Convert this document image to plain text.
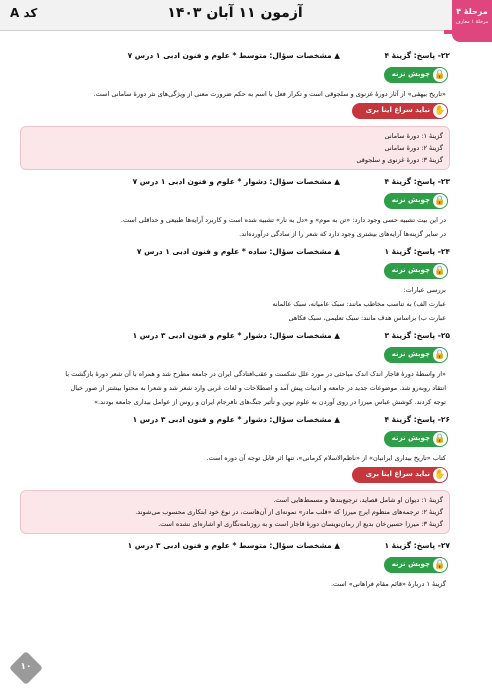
آزمون ۱۱ آبان ۱۴۰۳
کد A	مرحلهٔ ۴
مرحلهٔ ۱ معارف
۲۲- پاسخ: گزینهٔ ۴
▲ مشخصات سؤال: متوسط * علوم و فنون ادبی ۱ درس ۷
🔒
چوبش نزنه
«تاریخ بیهقی» از آثار دورهٔ غزنوی و سلجوقی است و تکرار فعل با اسم به حکم ضرورت معنی از ویژگی‌های نثر دورهٔ سامانی است.
✋
نباید سراغ اینا بری
گزینهٔ ۱: دورهٔ سامانی
گزینهٔ ۲: دورهٔ سامانی
گزینهٔ ۳: دورهٔ غزنوی و سلجوقی
۲۳- پاسخ: گزینهٔ ۴
▲ مشخصات سؤال: دشوار * علوم و فنون ادبی ۱ درس ۷
🔒
چوبش نزنه
در این بیت تشبیه حسی وجود دارد: «تن به موم» و «دل به نار» تشبیه شده است و کاربرد آرایه‌ها طبیعی و حداقلی است.
در سایر گزینه‌ها آرایه‌های بیشتری وجود دارد که شعر را از سادگی درآورده‌اند.
۲۴- پاسخ: گزینهٔ ۱
▲ مشخصات سؤال: ساده * علوم و فنون ادبی ۱ درس ۷
🔒
چوبش نزنه
بررسی عبارات:
عبارت الف) به تناسب مخاطب مانند: سبک عامیانه، سبک عالمانه
عبارت ب) براساس هدف مانند: سبک تعلیمی، سبک فکاهی
۲۵- پاسخ: گزینهٔ ۳
▲ مشخصات سؤال: دشوار * علوم و فنون ادبی ۳ درس ۱
🔒
چوبش نزنه
«از واسطهٔ دورهٔ قاجار اندک اندک مباحثی در مورد علل شکست و عقب‌افتادگی ایران در جامعه مطرح شد و همراه با آن شعر دورهٔ بازگشت با
انتقاد روبه‌رو شد. موضوعات جدید در جامعه و ادبیات پیش آمد و اصطلاحات و لغات غربی وارد شعر شد و شعرا به محتوا بیشتر از صور خیال
توجه کردند. کوشش عباس میرزا در روی آوردن به علوم نوین و تأثیر جنگ‌های نافرجام ایران و روس از عوامل بیداری جامعه بودند.»
۲۶- پاسخ: گزینهٔ ۴
▲ مشخصات سؤال: دشوار * علوم و فنون ادبی ۳ درس ۱
🔒
چوبش نزنه
کتاب «تاریخ بیداری ایرانیان» از «ناظم‌الاسلام کرمانی»، تنها اثر قابل توجه آن دوره است.
✋
نباید سراغ اینا بری
گزینهٔ ۱: دیوان او شامل قصاید، ترجیع‌بندها و مسمط‌هایی است.
گزینهٔ ۲: ترجمه‌های منظوم ایرج میرزا که «قلب مادر» نمونه‌ای از آن‌هاست، در نوع خود ابتکاری محسوب می‌شوند.
گزینهٔ ۳: میرزا حسین‌خان بدیع از رمان‌نویسان دورهٔ قاجار است و به روزنامه‌نگاری او اشاره‌ای نشده است.
۲۷- پاسخ: گزینهٔ ۱
▲ مشخصات سؤال: متوسط * علوم و فنون ادبی ۳ درس ۱
🔒
چوبش نزنه
گزینهٔ ۱ دربارهٔ «قائم مقام فراهانی» است.
۱۰
